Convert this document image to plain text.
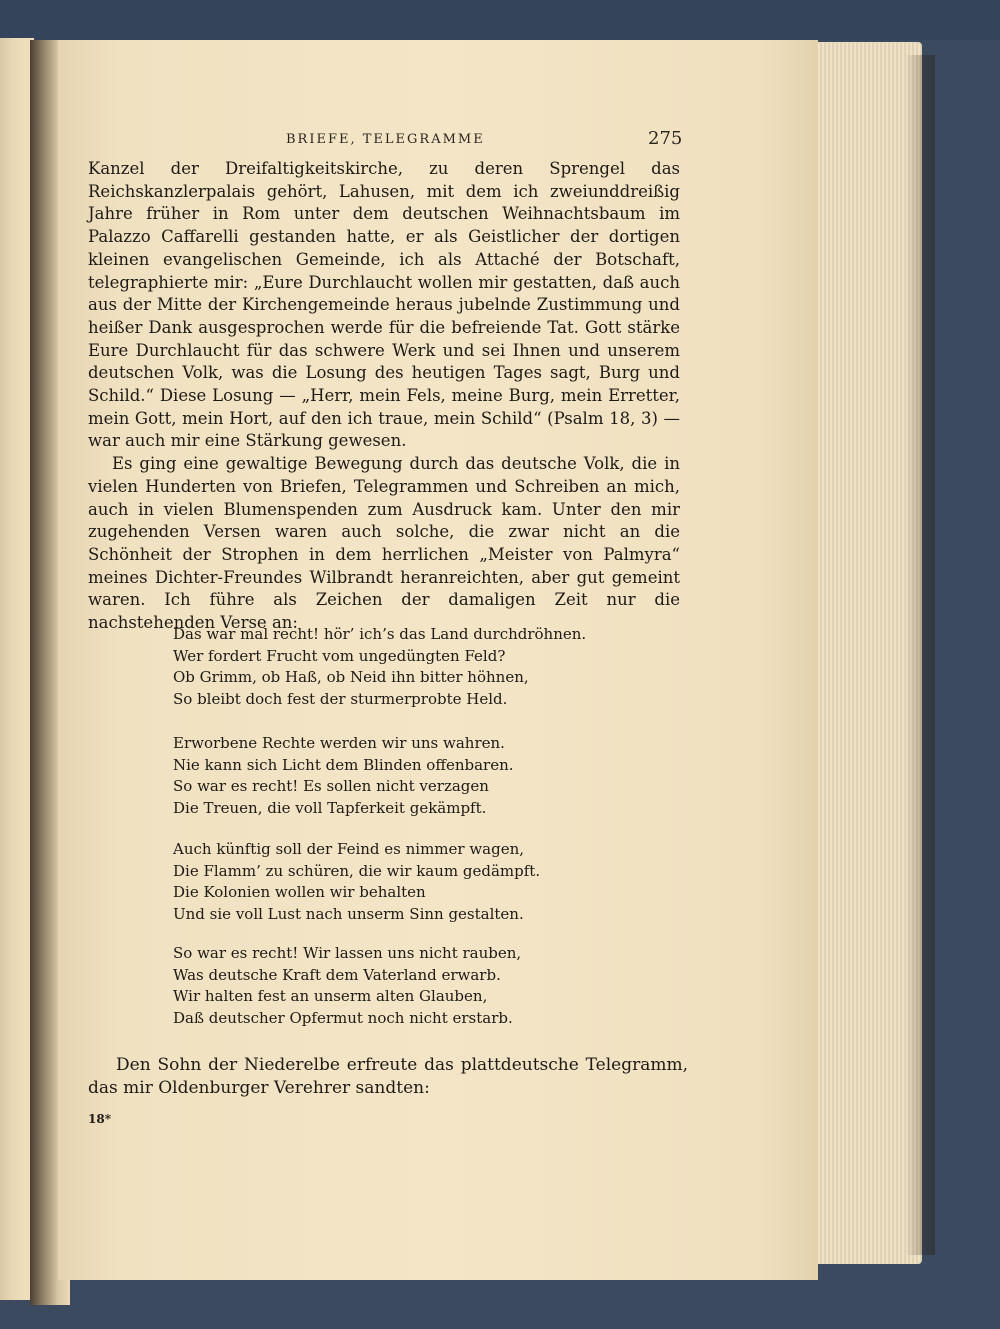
BRIEFE, TELEGRAMME	275

Kanzel der Dreifaltigkeitskirche, zu deren Sprengel das Reichskanzlerpalais gehört, Lahusen, mit dem ich zweiunddreißig Jahre früher in Rom unter dem deutschen Weihnachtsbaum im Palazzo Caffarelli gestanden hatte, er als Geistlicher der dortigen kleinen evangelischen Gemeinde, ich als Attaché der Botschaft, telegraphierte mir: „Eure Durchlaucht wollen mir gestatten, daß auch aus der Mitte der Kirchengemeinde heraus jubelnde Zustimmung und heißer Dank ausgesprochen werde für die befreiende Tat. Gott stärke Eure Durchlaucht für das schwere Werk und sei Ihnen und unserem deutschen Volk, was die Losung des heutigen Tages sagt, Burg und Schild.“ Diese Losung — „Herr, mein Fels, meine Burg, mein Erretter, mein Gott, mein Hort, auf den ich traue, mein Schild“ (Psalm 18, 3) — war auch mir eine Stärkung gewesen.

Es ging eine gewaltige Bewegung durch das deutsche Volk, die in vielen Hunderten von Briefen, Telegrammen und Schreiben an mich, auch in vielen Blumenspenden zum Ausdruck kam. Unter den mir zugehenden Versen waren auch solche, die zwar nicht an die Schönheit der Strophen in dem herrlichen „Meister von Palmyra“ meines Dichter-Freundes Wilbrandt heranreichten, aber gut gemeint waren. Ich führe als Zeichen der damaligen Zeit nur die nachstehenden Verse an:

Das war mal recht! hör’ ich’s das Land durchdröhnen.
Wer fordert Frucht vom ungedüngten Feld?
Ob Grimm, ob Haß, ob Neid ihn bitter höhnen,
So bleibt doch fest der sturmerprobte Held.
Erworbene Rechte werden wir uns wahren.
Nie kann sich Licht dem Blinden offenbaren.
So war es recht! Es sollen nicht verzagen
Die Treuen, die voll Tapferkeit gekämpft.
Auch künftig soll der Feind es nimmer wagen,
Die Flamm’ zu schüren, die wir kaum gedämpft.
Die Kolonien wollen wir behalten
Und sie voll Lust nach unserm Sinn gestalten.
So war es recht! Wir lassen uns nicht rauben,
Was deutsche Kraft dem Vaterland erwarb.
Wir halten fest an unserm alten Glauben,
Daß deutscher Opfermut noch nicht erstarb.

Den Sohn der Niederelbe erfreute das plattdeutsche Telegramm, das mir Oldenburger Verehrer sandten:

18*
